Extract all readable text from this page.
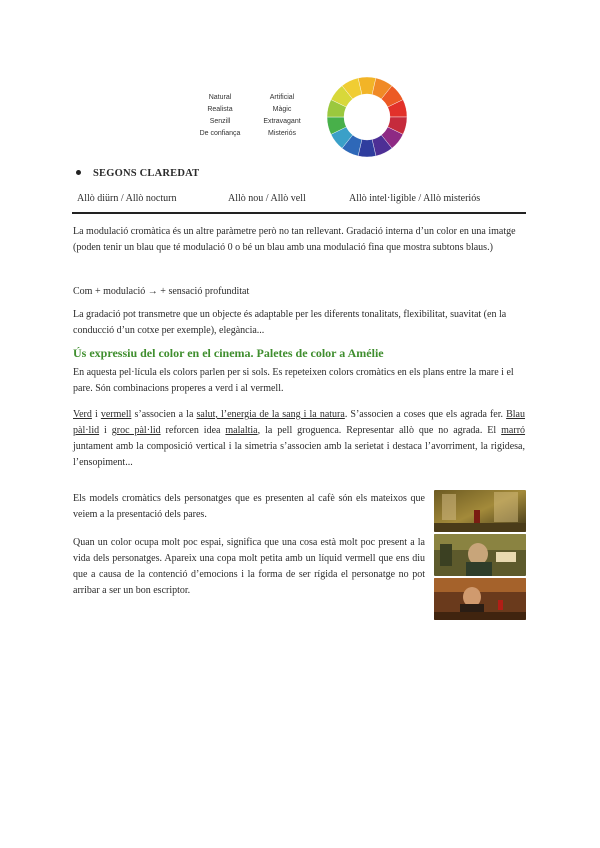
Natural
Realista
Senzill
De confiança
Artificial
Màgic
Extravagant
Misteriós
SEGONS CLAREDAT
Allò diürn / Allò nocturn	Allò nou / Allò vell	Allò intel·ligible / Allò misteriós

La modulació cromàtica és un altre paràmetre però no tan rellevant. Gradació interna d’un color en una imatge (poden tenir un blau que té modulació 0 o bé un blau amb una modulació fina que mostra subtons blaus.)

Com + modulació → + sensació profunditat

La gradació pot transmetre que un objecte és adaptable per les diferents tonalitats, flexibilitat, suavitat (en la conducció d’un cotxe per exemple), elegància...

Ús expressiu del color en el cinema. Paletes de color a Amélie

En aquesta pel·lícula els colors parlen per si sols. Es repeteixen colors cromàtics en els plans entre la mare i el pare. Són combinacions properes a verd i al vermell.

Verd i vermell s’associen a la salut, l’energia de la sang i la natura. S’associen a coses que els agrada fer. Blau pàl·lid i groc pàl·lid reforcen idea malaltia, la pell groguenca. Representar allò que no agrada. El marró juntament amb la composició vertical i la simetria s’associen amb la serietat i destaca l’avorriment, la rigidesa, l’ensopiment...

Els models cromàtics dels personatges que es presenten al cafè són els mateixos que veiem a la presentació dels pares.

Quan un color ocupa molt poc espai, significa que una cosa està molt poc present a la vida dels personatges. Apareix una copa molt petita amb un líquid vermell que ens diu que a causa de la contenció d’emocions i la forma de ser rígida el personatge no pot arribar a ser un bon escriptor.
